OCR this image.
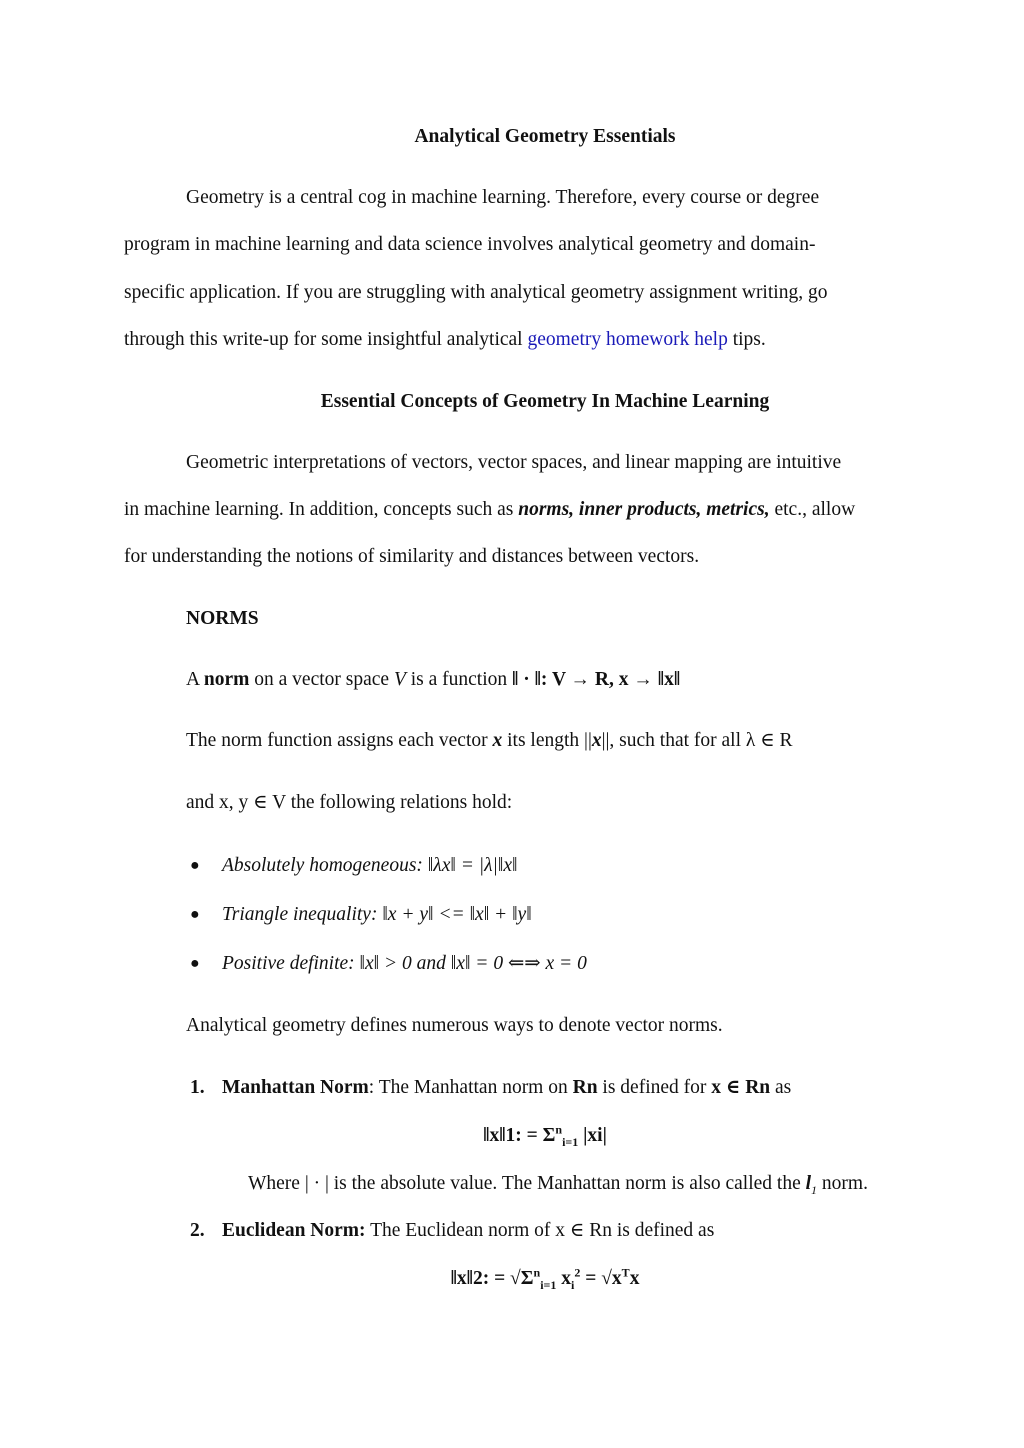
Analytical Geometry Essentials
Geometry is a central cog in machine learning. Therefore, every course or degree
program in machine learning and data science involves analytical geometry and domain-
specific application. If you are struggling with analytical geometry assignment writing, go
through this write-up for some insightful analytical geometry homework help tips.
Essential Concepts of Geometry In Machine Learning
Geometric interpretations of vectors, vector spaces, and linear mapping are intuitive
in machine learning. In addition, concepts such as norms, inner products, metrics, etc., allow
for understanding the notions of similarity and distances between vectors.
NORMS
A norm on a vector space V is a function ‖ · ‖: V → R, x → ‖x‖
The norm function assigns each vector x its length ||x||, such that for all λ ∈ R
and x, y ∈ V the following relations hold:
● Absolutely homogeneous: ‖λx‖ = |λ|‖x‖
● Triangle inequality: ‖x + y‖ <= ‖x‖ + ‖y‖
● Positive definite: ‖x‖ > 0 and ‖x‖ = 0 ⇐⇒ x = 0
Analytical geometry defines numerous ways to denote vector norms.
1. Manhattan Norm: The Manhattan norm on Rn is defined for x ∈ Rn as
‖x‖1: = $\Sigma^n_{i=1}$ |xi|
Where | · | is the absolute value. The Manhattan norm is also called the $l_1$ norm.
2. Euclidean Norm: The Euclidean norm of x ∈ Rn is defined as
‖x‖2: = $√\Sigma^n_{i=1}$ $x_i^2 = √x^Tx$
